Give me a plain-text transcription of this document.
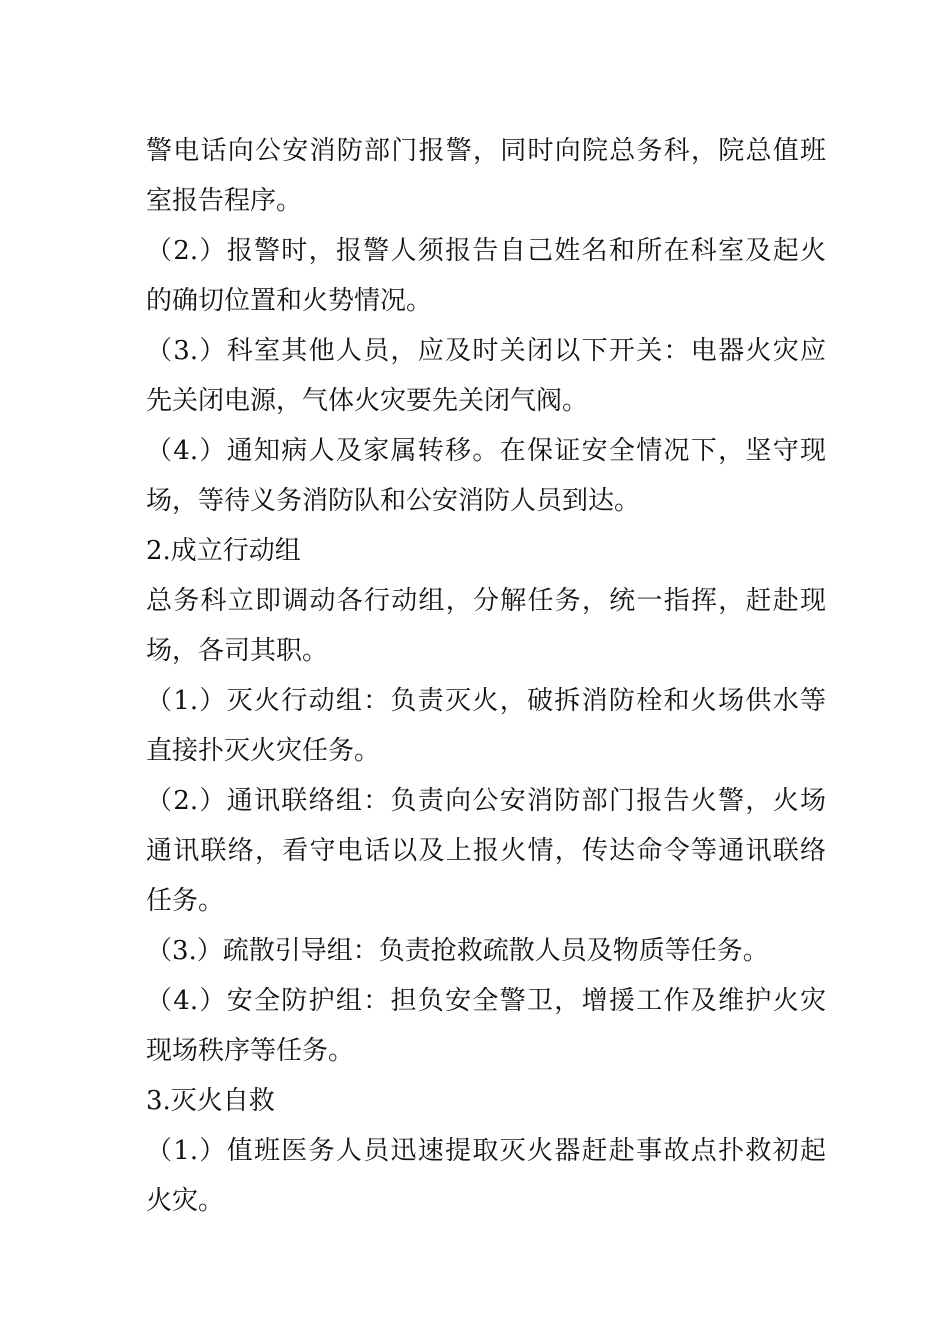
警电话向公安消防部门报警，同时向院总务科，院总值班
室报告程序。
（2.）报警时，报警人须报告自己姓名和所在科室及起火
的确切位置和火势情况。
（3.）科室其他人员，应及时关闭以下开关：电器火灾应
先关闭电源，气体火灾要先关闭气阀。
（4.）通知病人及家属转移。在保证安全情况下，坚守现
场，等待义务消防队和公安消防人员到达。
2.成立行动组
总务科立即调动各行动组，分解任务，统一指挥，赶赴现
场，各司其职。
（1.）灭火行动组：负责灭火，破拆消防栓和火场供水等
直接扑灭火灾任务。
（2.）通讯联络组：负责向公安消防部门报告火警，火场
通讯联络，看守电话以及上报火情，传达命令等通讯联络
任务。
（3.）疏散引导组：负责抢救疏散人员及物质等任务。
（4.）安全防护组：担负安全警卫，增援工作及维护火灾
现场秩序等任务。
3.灭火自救
（1.）值班医务人员迅速提取灭火器赶赴事故点扑救初起
火灾。
